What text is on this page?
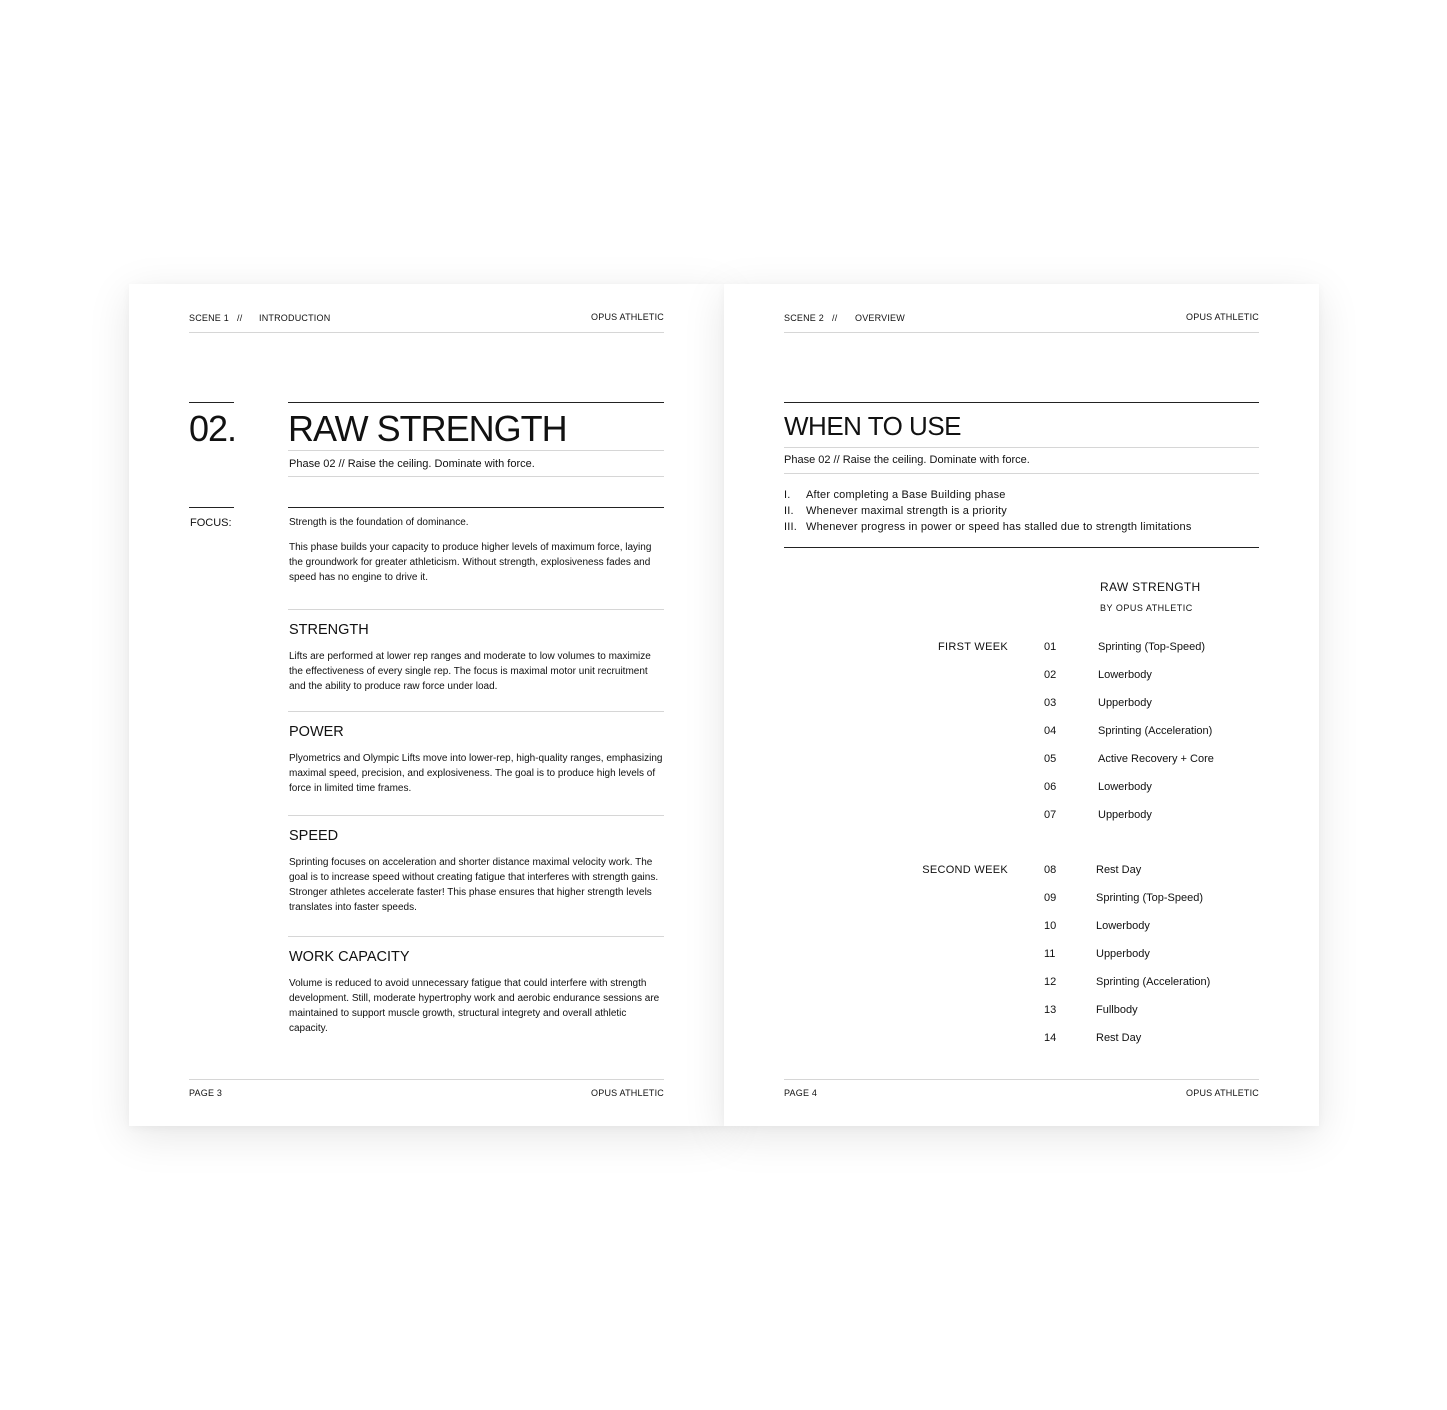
SCENE 1 // INTRODUCTION	OPUS ATHLETIC
02. RAW STRENGTH
Phase 02 // Raise the ceiling. Dominate with force.
FOCUS:	Strength is the foundation of dominance.
This phase builds your capacity to produce higher levels of maximum force, laying the groundwork for greater athleticism. Without strength, explosiveness fades and speed has no engine to drive it.
STRENGTH
Lifts are performed at lower rep ranges and moderate to low volumes to maximize the effectiveness of every single rep. The focus is maximal motor unit recruitment and the ability to produce raw force under load.
POWER
Plyometrics and Olympic Lifts move into lower-rep, high-quality ranges, emphasizing maximal speed, precision, and explosiveness. The goal is to produce high levels of force in limited time frames.
SPEED
Sprinting focuses on acceleration and shorter distance maximal velocity work. The goal is to increase speed without creating fatigue that interferes with strength gains. Stronger athletes accelerate faster! This phase ensures that higher strength levels translates into faster speeds.
WORK CAPACITY
Volume is reduced to avoid unnecessary fatigue that could interfere with strength development. Still, moderate hypertrophy work and aerobic endurance sessions are maintained to support muscle growth, structural integrety and overall athletic capacity.
PAGE 3	OPUS ATHLETIC
SCENE 2 // OVERVIEW	OPUS ATHLETIC
WHEN TO USE
Phase 02 // Raise the ceiling. Dominate with force.
I. After completing a Base Building phase
II. Whenever maximal strength is a priority
III. Whenever progress in power or speed has stalled due to strength limitations
RAW STRENGTH
BY OPUS ATHLETIC
FIRST WEEK	01	Sprinting (Top-Speed)
02	Lowerbody
03	Upperbody
04	Sprinting (Acceleration)
05	Active Recovery + Core
06	Lowerbody
07	Upperbody
SECOND WEEK	08	Rest Day
09	Sprinting (Top-Speed)
10	Lowerbody
11	Upperbody
12	Sprinting (Acceleration)
13	Fullbody
14	Rest Day
PAGE 4	OPUS ATHLETIC
